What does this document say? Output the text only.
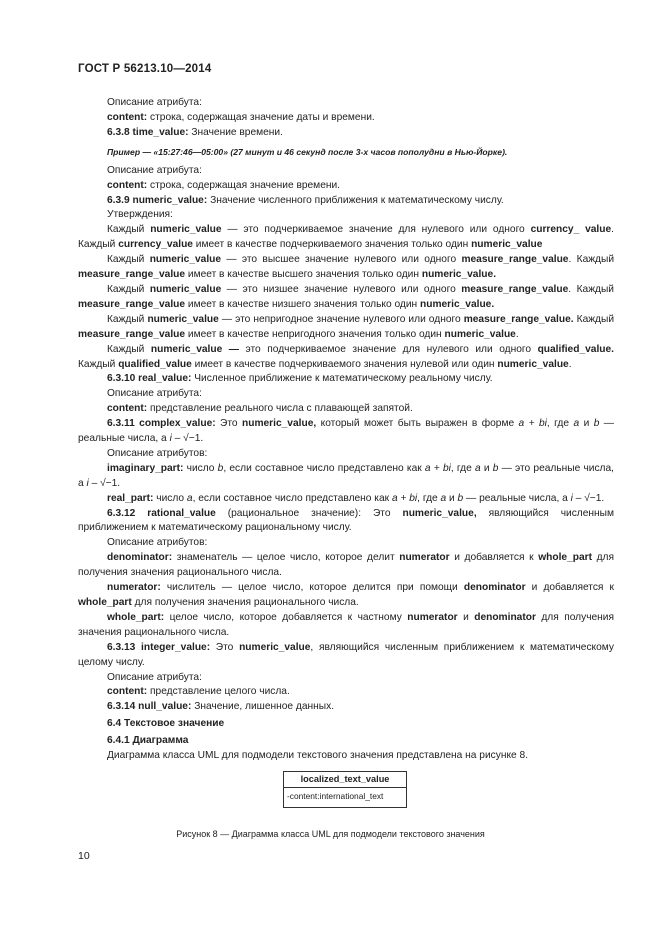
ГОСТ Р 56213.10—2014

Описание атрибута:

content: строка, содержащая значение даты и времени.

6.3.8 time_value: Значение времени.

Пример — «15:27:46—05:00» (27 минут и 46 секунд после 3-х часов пополудни в Нью-Йорке).

Описание атрибута:

content: строка, содержащая значение времени.

6.3.9 numeric_value: Значение численного приближения к математическому числу.

Утверждения:

Каждый numeric_value — это подчеркиваемое значение для нулевого или одного currency_ value. Каждый currency_value имеет в качестве подчеркиваемого значения только один numeric_value

Каждый numeric_value — это высшее значение нулевого или одного measure_range_value. Каждый measure_range_value имеет в качестве высшего значения только один numeric_value.

Каждый numeric_value — это низшее значение нулевого или одного measure_range_value. Каждый measure_range_value имеет в качестве низшего значения только один numeric_value.

Каждый numeric_value — это непригодное значение нулевого или одного measure_range_value. Каждый measure_range_value имеет в качестве непригодного значения только один numeric_value.

Каждый numeric_value — это подчеркиваемое значение для нулевого или одного qualified_value. Каждый qualified_value имеет в качестве подчеркиваемого значения нулевой или один numeric_value.

6.3.10 real_value: Численное приближение к математическому реальному числу.

Описание атрибута:

content: представление реального числа с плавающей запятой.

6.3.11 complex_value: Это numeric_value, который может быть выражен в форме a + bi, где a и b — реальные числа, а i – √−1.

Описание атрибутов:

imaginary_part: число b, если составное число представлено как a + bi, где a и b — это реальные числа, а i – √−1.

real_part: число a, если составное число представлено как a + bi, где a и b — реальные числа, а i – √−1.

6.3.12 rational_value (рациональное значение): Это numeric_value, являющийся численным приближением к математическому рациональному числу.

Описание атрибутов:

denominator: знаменатель — целое число, которое делит numerator и добавляется к whole_part для получения значения рационального числа.

numerator: числитель — целое число, которое делится при помощи denominator и добавляется к whole_part для получения значения рационального числа.

whole_part: целое число, которое добавляется к частному numerator и denominator для получения значения рационального числа.

6.3.13 integer_value: Это numeric_value, являющийся численным приближением к математическому целому числу.

Описание атрибута:

content: представление целого числа.

6.3.14 null_value: Значение, лишенное данных.

6.4 Текстовое значение

6.4.1 Диаграмма

Диаграмма класса UML для подмодели текстового значения представлена на рисунке 8.

localized_text_value
-content:international_text
Рисунок 8 — Диаграмма класса UML для подмодели текстового значения
10
